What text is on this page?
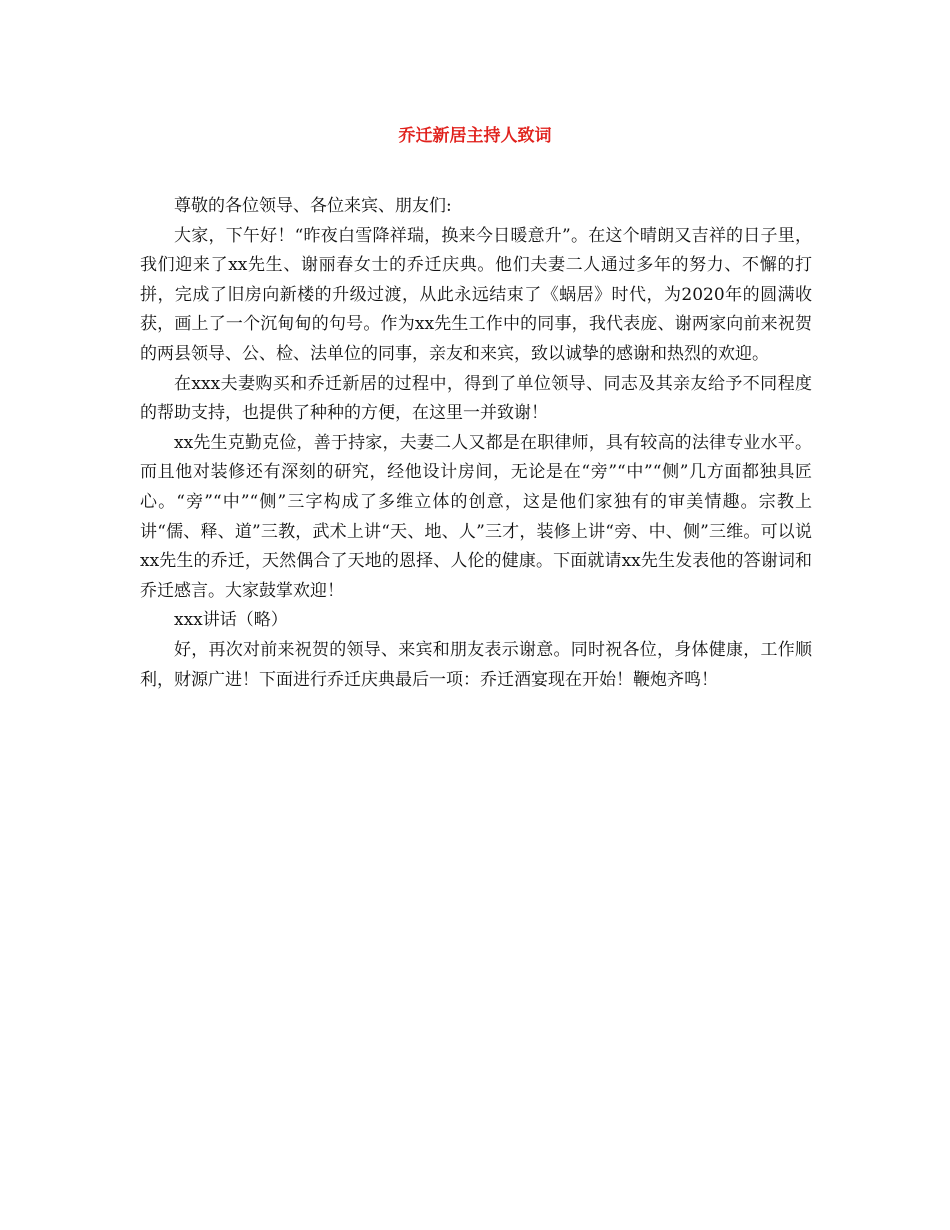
乔迁新居主持人致词

尊敬的各位领导、各位来宾、朋友们:

大家，下午好！“昨夜白雪降祥瑞，换来今日暖意升”。在这个晴朗又吉祥的日子里，我们迎来了xx先生、谢丽春女士的乔迁庆典。他们夫妻二人通过多年的努力、不懈的打拼，完成了旧房向新楼的升级过渡，从此永远结束了《蜗居》时代，为2020年的圆满收获，画上了一个沉甸甸的句号。作为xx先生工作中的同事，我代表庞、谢两家向前来祝贺的两县领导、公、检、法单位的同事，亲友和来宾，致以诚挚的感谢和热烈的欢迎。

在xxx夫妻购买和乔迁新居的过程中，得到了单位领导、同志及其亲友给予不同程度的帮助支持，也提供了种种的方便，在这里一并致谢！

xx先生克勤克俭，善于持家，夫妻二人又都是在职律师，具有较高的法律专业水平。而且他对装修还有深刻的研究，经他设计房间，无论是在“旁”“中”“侧”几方面都独具匠心。“旁”“中”“侧”三字构成了多维立体的创意，这是他们家独有的审美情趣。宗教上讲“儒、释、道”三教，武术上讲“天、地、人”三才，装修上讲“旁、中、侧”三维。可以说xx先生的乔迁，天然偶合了天地的恩择、人伦的健康。下面就请xx先生发表他的答谢词和乔迁感言。大家鼓掌欢迎！

xxx讲话（略）

好，再次对前来祝贺的领导、来宾和朋友表示谢意。同时祝各位，身体健康，工作顺利，财源广进！下面进行乔迁庆典最后一项：乔迁酒宴现在开始！鞭炮齐鸣！
